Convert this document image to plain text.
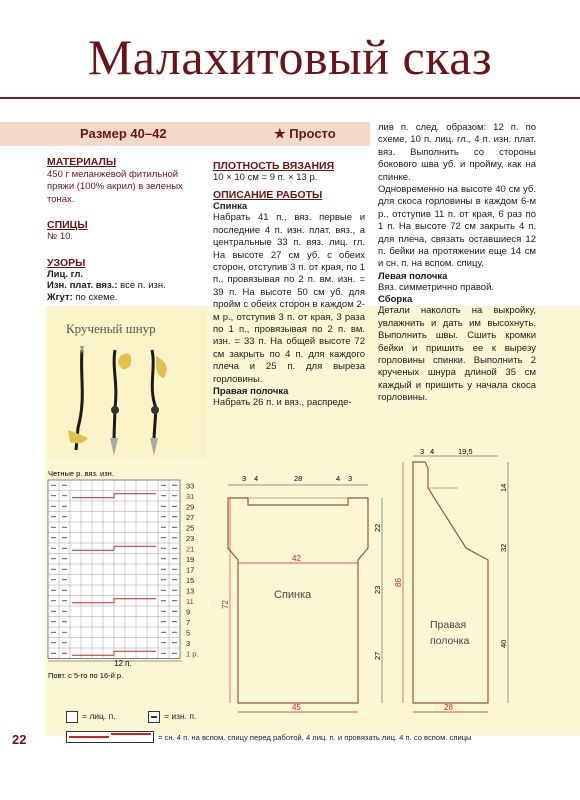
Малахитовый сказ
Размер 40–42	★ Просто
МАТЕРИАЛЫ
450 г меланжевой фитильной пряжи (100% акрил) в зеленых тонах.
СПИЦЫ
№ 10.
УЗОРЫ
Лиц. гл.
Изн. плат. вяз.: все п. изн.
Жгут: по схеме.
ПЛОТНОСТЬ ВЯЗАНИЯ
10 × 10 см = 9 п. × 13 р.
ОПИСАНИЕ РАБОТЫ
Спинка
Набрать 41 п., вяз. первые и последние 4 п. изн. плат. вяз., а центральные 33 п. вяз. лиц. гл. На высоте 27 см уб. с обеих сторон, отступив 3 п. от края, по 1 п., провязывая по 2 п. вм. изн. = 39 п. На высоте 50 см уб. для пройм с обеих сторон в каждом 2-м р., отступив 3 п. от края, 3 раза по 1 п., провязывая по 2 п. вм. изн. = 33 п. На общей высоте 72 см закрыть по 4 п. для каждого плеча и 25 п. для выреза горловины.
Правая полочка
Набрать 26 п. и вяз., распреде-
лив п. след. образом: 12 п. по схеме, 10 п. лиц. гл., 4 п. изн. плат. вяз. Выполнить со стороны бокового шва уб. и пройму, как на спинке.
Одновременно на высоте 40 см уб. для скоса горловины в каждом 6-м р., отступив 11 п. от края, 6 раз по 1 п. На высоте 72 см закрыть 4 п. для плеча, связать оставшиеся 12 п. бейки на протяжении еще 14 см и сн. п. на вспом. спицу.
Левая полочка
Вяз. симметрично правой.
Сборка
Детали наколоть на выкройку, увлажнить и дать им высохнуть. Выполнить швы. Сшить кромки бейки и пришить ее к вырезу горловины спинки. Выполнить 2 крученых шнура длиной 35 см каждый и пришить у начала скоса горловины.
Крученый шнур
Четные р. вяз. изн.
33
31
29
27
25
23
21
19
17
15
13
11
9
7
5
3
1 р.
12 п.
Повт. с 5-го по 16-й р.
Спинка
42
45
3 4	28	4 3
72
22
23
27
Правая
полочка
28
3 4	19,5
86
14
32
40
= лиц. п.	= изн. п.
= сн. 4 п. на вспом. спицу перед работой, 4 лиц. п. и провязать лиц. 4 п. со вспом. спицы
22
